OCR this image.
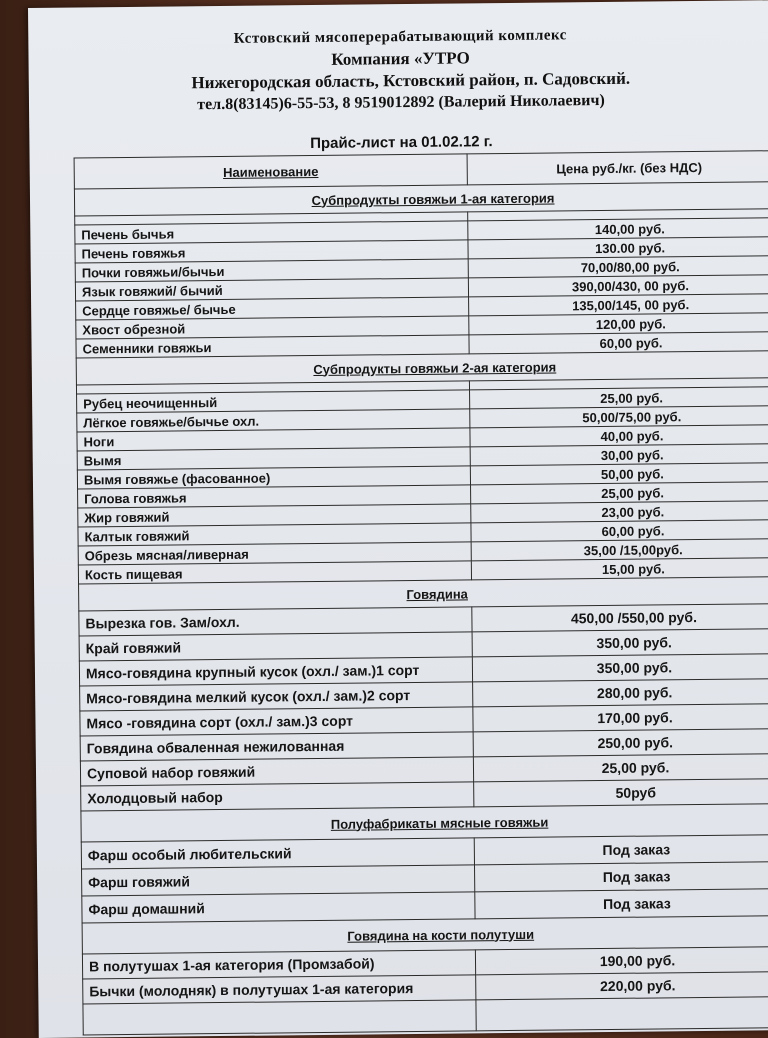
Кстовский мясоперерабатывающий комплекс
Компания «УТРО
Нижегородская область, Кстовский район, п. Садовский.
тел.8(83145)6-55-53, 8 9519012892 (Валерий Николаевич)
Прайс-лист на 01.02.12 г.
Наименование	Цена руб./кг. (без НДС)
Субпродукты говяжьи 1-ая категория	

Печень бычья	140,00 руб.
Печень говяжья	130.00 руб.
Почки говяжьи/бычьи	70,00/80,00 руб.
Язык говяжий/ бычий	390,00/430, 00 руб.
Сердце говяжье/ бычье	135,00/145, 00 руб.
Хвост обрезной	120,00 руб.
Семенники говяжьи	60,00 руб.
Субпродукты говяжьи 2-ая категория	

Рубец неочищенный	25,00 руб.
Лёгкое говяжье/бычье охл.	50,00/75,00 руб.
Ноги	40,00 руб.
Вымя	30,00 руб.
Вымя говяжье (фасованное)	50,00 руб.
Голова говяжья	25,00 руб.
Жир говяжий	23,00 руб.
Калтык говяжий	60,00 руб.
Обрезь мясная/ливерная	35,00 /15,00руб.
Кость пищевая	15,00 руб.
Говядина	
Вырезка гов. Зам/охл.	450,00 /550,00 руб.
Край говяжий	350,00 руб.
Мясо-говядина крупный кусок (охл./ зам.)1 сорт	350,00 руб.
Мясо-говядина мелкий кусок (охл./ зам.)2 сорт	280,00 руб.
Мясо -говядина сорт (охл./ зам.)3 сорт	170,00 руб.
Говядина обваленная нежилованная	250,00 руб.
Суповой набор говяжий	25,00 руб.
Холодцовый набор	50руб
Полуфабрикаты мясные говяжьи	
Фарш особый любительский	Под заказ
Фарш говяжий	Под заказ
Фарш домашний	Под заказ
Говядина на кости полутуши	
В полутушах 1-ая категория (Промзабой)	190,00 руб.
Бычки (молодняк) в полутушах 1-ая категория	220,00 руб.
